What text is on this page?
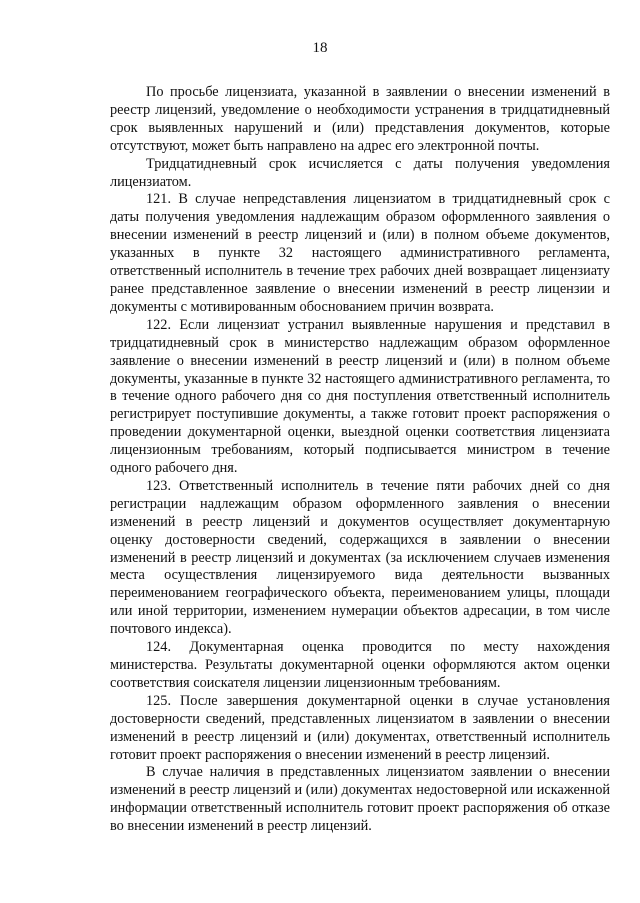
18

По просьбе лицензиата, указанной в заявлении о внесении изменений в реестр лицензий, уведомление о необходимости устранения в тридцатидневный срок выявленных нарушений и (или) представления документов, которые отсутствуют, может быть направлено на адрес его электронной почты.

Тридцатидневный срок исчисляется с даты получения уведомления лицензиатом.

121. В случае непредставления лицензиатом в тридцатидневный срок с даты получения уведомления надлежащим образом оформленного заявления о внесении изменений в реестр лицензий и (или) в полном объеме документов, указанных в пункте 32 настоящего административного регламента, ответственный исполнитель в течение трех рабочих дней возвращает лицензиату ранее представленное заявление о внесении изменений в реестр лицензии и документы с мотивированным обоснованием причин возврата.

122. Если лицензиат устранил выявленные нарушения и представил в тридцатидневный срок в министерство надлежащим образом оформленное заявление о внесении изменений в реестр лицензий и (или) в полном объеме документы, указанные в пункте 32 настоящего административного регламента, то в течение одного рабочего дня со дня поступления ответственный исполнитель регистрирует поступившие документы, а также готовит проект распоряжения о проведении документарной оценки, выездной оценки соответствия лицензиата лицензионным требованиям, который подписывается министром в течение одного рабочего дня.

123. Ответственный исполнитель в течение пяти рабочих дней со дня регистрации надлежащим образом оформленного заявления о внесении изменений в реестр лицензий и документов осуществляет документарную оценку достоверности сведений, содержащихся в заявлении о внесении изменений в реестр лицензий и документах (за исключением случаев изменения места осуществления лицензируемого вида деятельности вызванных переименованием географического объекта, переименованием улицы, площади или иной территории, изменением нумерации объектов адресации, в том числе почтового индекса).

124. Документарная оценка проводится по месту нахождения министерства. Результаты документарной оценки оформляются актом оценки соответствия соискателя лицензии лицензионным требованиям.

125. После завершения документарной оценки в случае установления достоверности сведений, представленных лицензиатом в заявлении о внесении изменений в реестр лицензий и (или) документах, ответственный исполнитель готовит проект распоряжения о внесении изменений в реестр лицензий.

В случае наличия в представленных лицензиатом заявлении о внесении изменений в реестр лицензий и (или) документах недостоверной или искаженной информации ответственный исполнитель готовит проект распоряжения об отказе во внесении изменений в реестр лицензий.
